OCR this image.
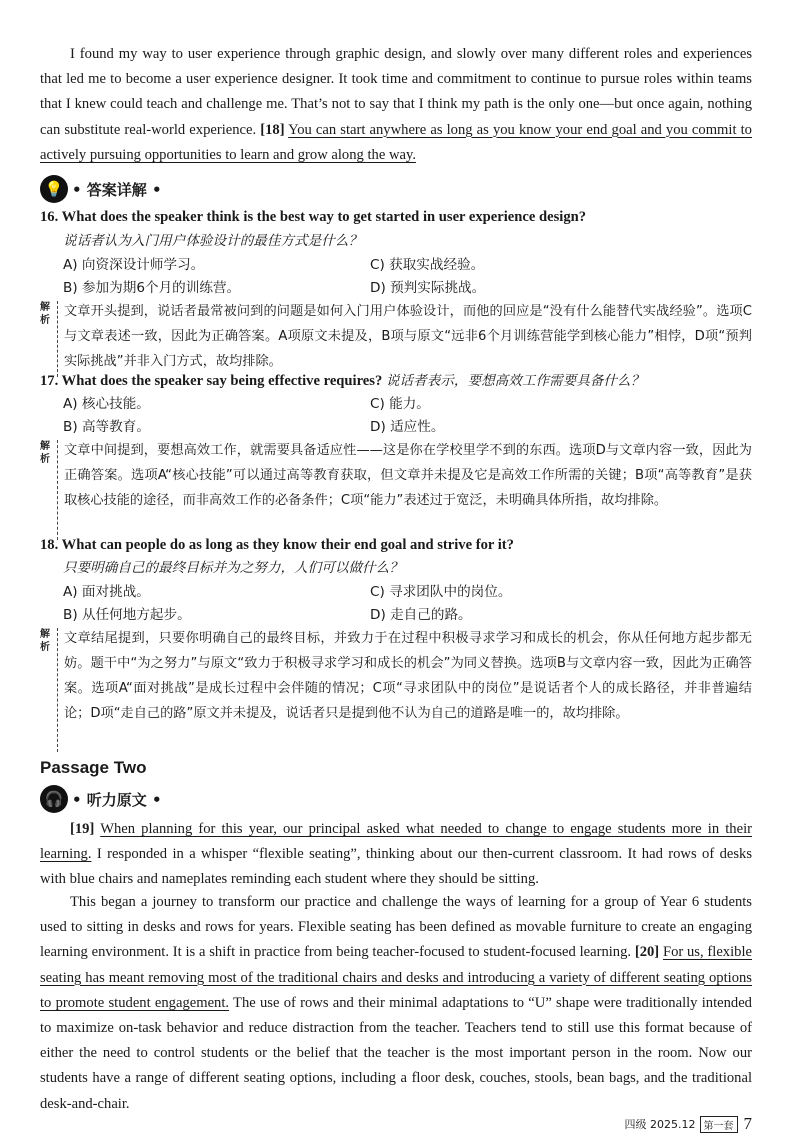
I found my way to user experience through graphic design, and slowly over many different roles and experiences that led me to become a user experience designer. It took time and commitment to continue to pursue roles within teams that I knew could teach and challenge me. That’s not to say that I think my path is the only one—but once again, nothing can substitute real-world experience. [18] You can start anywhere as long as you know your end goal and you commit to actively pursuing opportunities to learn and grow along the way.

💡 • 答案详解 •
16. What does the speaker think is the best way to get started in user experience design?
说话者认为入门用户体验设计的最佳方式是什么？
A) 向资深设计师学习。	C) 获取实战经验。
B) 参加为期6个月的训练营。	D) 预判实际挑战。
解析

文章开头提到，说话者最常被问到的问题是如何入门用户体验设计，而他的回应是“没有什么能替代实战经验”。选项C与文章表述一致，因此为正确答案。A项原文未提及，B项与原文“远非6个月训练营能学到核心能力”相悖，D项“预判实际挑战”并非入门方式，故均排除。

17. What does the speaker say being effective requires? 说话者表示，要想高效工作需要具备什么？
A) 核心技能。	C) 能力。
B) 高等教育。	D) 适应性。
解析

文章中间提到，要想高效工作，就需要具备适应性——这是你在学校里学不到的东西。选项D与文章内容一致，因此为正确答案。选项A“核心技能”可以通过高等教育获取，但文章并未提及它是高效工作所需的关键；B项“高等教育”是获取核心技能的途径，而非高效工作的必备条件；C项“能力”表述过于宽泛，未明确具体所指，故均排除。

18. What can people do as long as they know their end goal and strive for it?
只要明确自己的最终目标并为之努力，人们可以做什么？
A) 面对挑战。	C) 寻求团队中的岗位。
B) 从任何地方起步。	D) 走自己的路。
解析

文章结尾提到，只要你明确自己的最终目标，并致力于在过程中积极寻求学习和成长的机会，你从任何地方起步都无妨。题干中“为之努力”与原文“致力于积极寻求学习和成长的机会”为同义替换。选项B与文章内容一致，因此为正确答案。选项A“面对挑战”是成长过程中会伴随的情况；C项“寻求团队中的岗位”是说话者个人的成长路径，并非普遍结论；D项“走自己的路”原文并未提及，说话者只是提到他不认为自己的道路是唯一的，故均排除。

Passage Two
🎧 • 听力原文 •

[19] When planning for this year, our principal asked what needed to change to engage students more in their learning. I responded in a whisper “flexible seating”, thinking about our then-current classroom. It had rows of desks with blue chairs and nameplates reminding each student where they should be sitting.

This began a journey to transform our practice and challenge the ways of learning for a group of Year 6 students used to sitting in desks and rows for years. Flexible seating has been defined as movable furniture to create an engaging learning environment. It is a shift in practice from being teacher-focused to student-focused learning. [20] For us, flexible seating has meant removing most of the traditional chairs and desks and introducing a variety of different seating options to promote student engagement. The use of rows and their minimal adaptations to “U” shape were traditionally intended to maximize on-task behavior and reduce distraction from the teacher. Teachers tend to still use this format because of either the need to control students or the belief that the teacher is the most important person in the room. Now our students have a range of different seating options, including a floor desk, couches, stools, bean bags, and the traditional desk-and-chair.

四级 2025.12 第一套 7
